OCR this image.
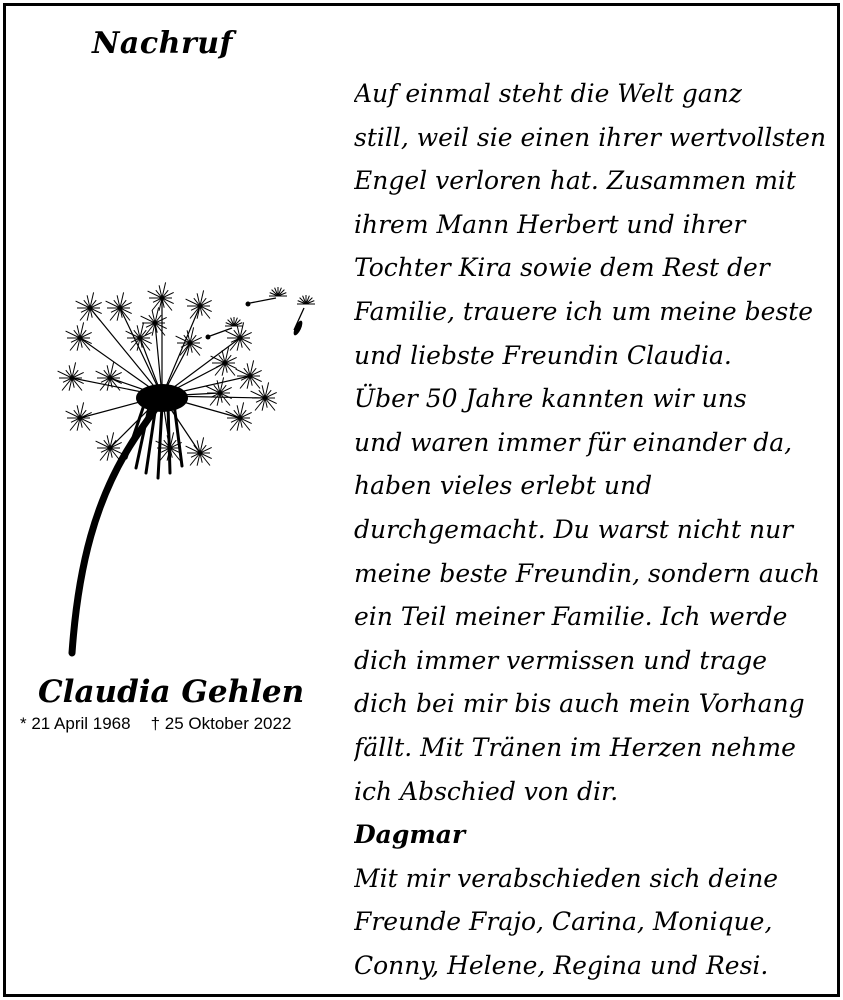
Nachruf
Claudia Gehlen
* 21 April 1968 † 25 Oktober 2022
Auf einmal steht die Welt ganz
still, weil sie einen ihrer wertvollsten
Engel verloren hat. Zusammen mit
ihrem Mann Herbert und ihrer
Tochter Kira sowie dem Rest der
Familie, trauere ich um meine beste
und liebste Freundin Claudia.
Über 50 Jahre kannten wir uns
und waren immer für einander da,
haben vieles erlebt und
durchgemacht. Du warst nicht nur
meine beste Freundin, sondern auch
ein Teil meiner Familie. Ich werde
dich immer vermissen und trage
dich bei mir bis auch mein Vorhang
fällt. Mit Tränen im Herzen nehme
ich Abschied von dir.
Dagmar
Mit mir verabschieden sich deine
Freunde Frajo, Carina, Monique,
Conny, Helene, Regina und Resi.
